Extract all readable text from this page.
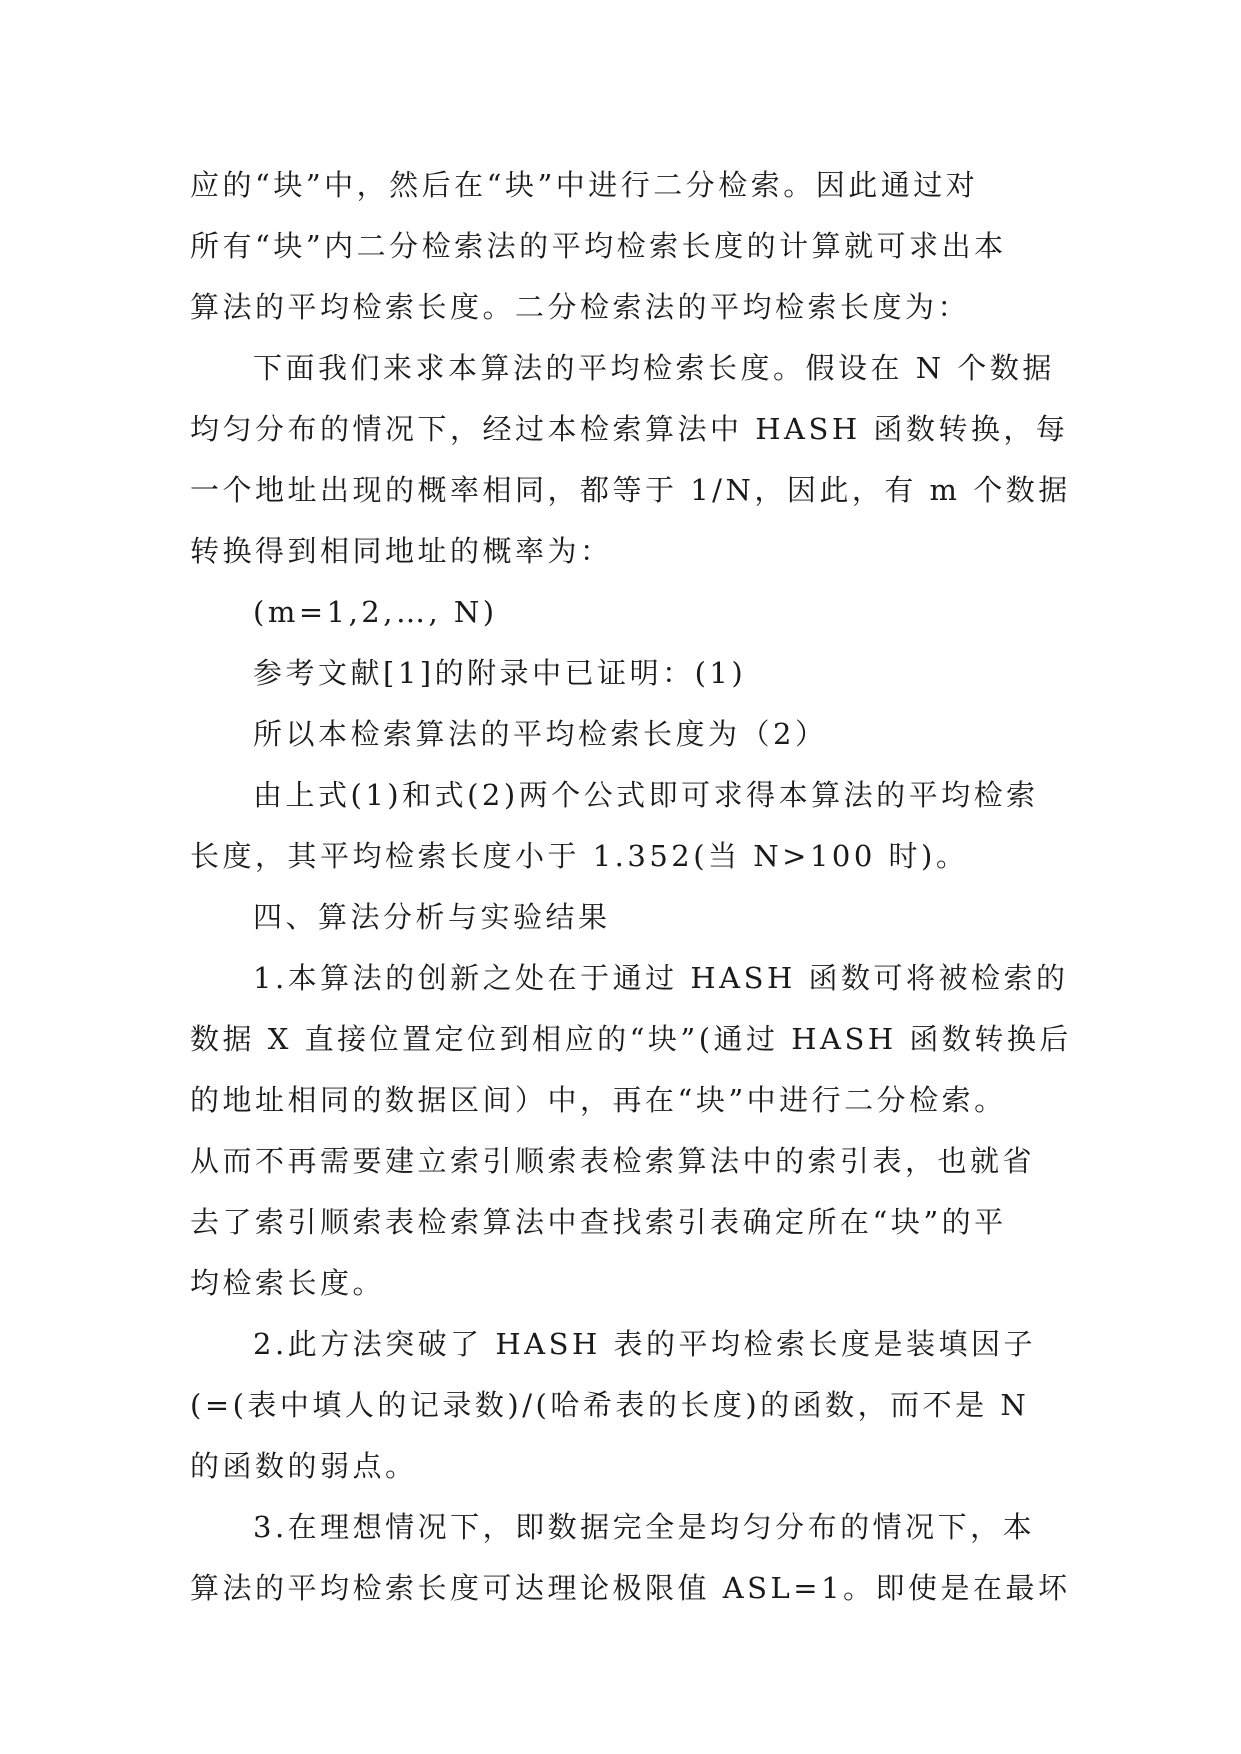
应的“块”中，然后在“块”中进行二分检索。因此通过对
所有“块”内二分检索法的平均检索长度的计算就可求出本
算法的平均检索长度。二分检索法的平均检索长度为：
下面我们来求本算法的平均检索长度。假设在 N 个数据
均匀分布的情况下，经过本检索算法中 HASH 函数转换，每
一个地址出现的概率相同，都等于 1/N，因此，有 m 个数据
转换得到相同地址的概率为：
(m=1,2,…, N)
参考文献[1]的附录中已证明：(1)
所以本检索算法的平均检索长度为（2）
由上式(1)和式(2)两个公式即可求得本算法的平均检索
长度，其平均检索长度小于 1.352(当 N>100 时)。
四、算法分析与实验结果
1.本算法的创新之处在于通过 HASH 函数可将被检索的
数据 X 直接位置定位到相应的“块”(通过 HASH 函数转换后
的地址相同的数据区间）中，再在“块”中进行二分检索。
从而不再需要建立索引顺索表检索算法中的索引表，也就省
去了索引顺索表检索算法中查找索引表确定所在“块”的平
均检索长度。
2.此方法突破了 HASH 表的平均检索长度是装填因子
(=(表中填人的记录数)/(哈希表的长度)的函数，而不是 N
的函数的弱点。
3.在理想情况下，即数据完全是均匀分布的情况下，本
算法的平均检索长度可达理论极限值 ASL=1。即使是在最坏
